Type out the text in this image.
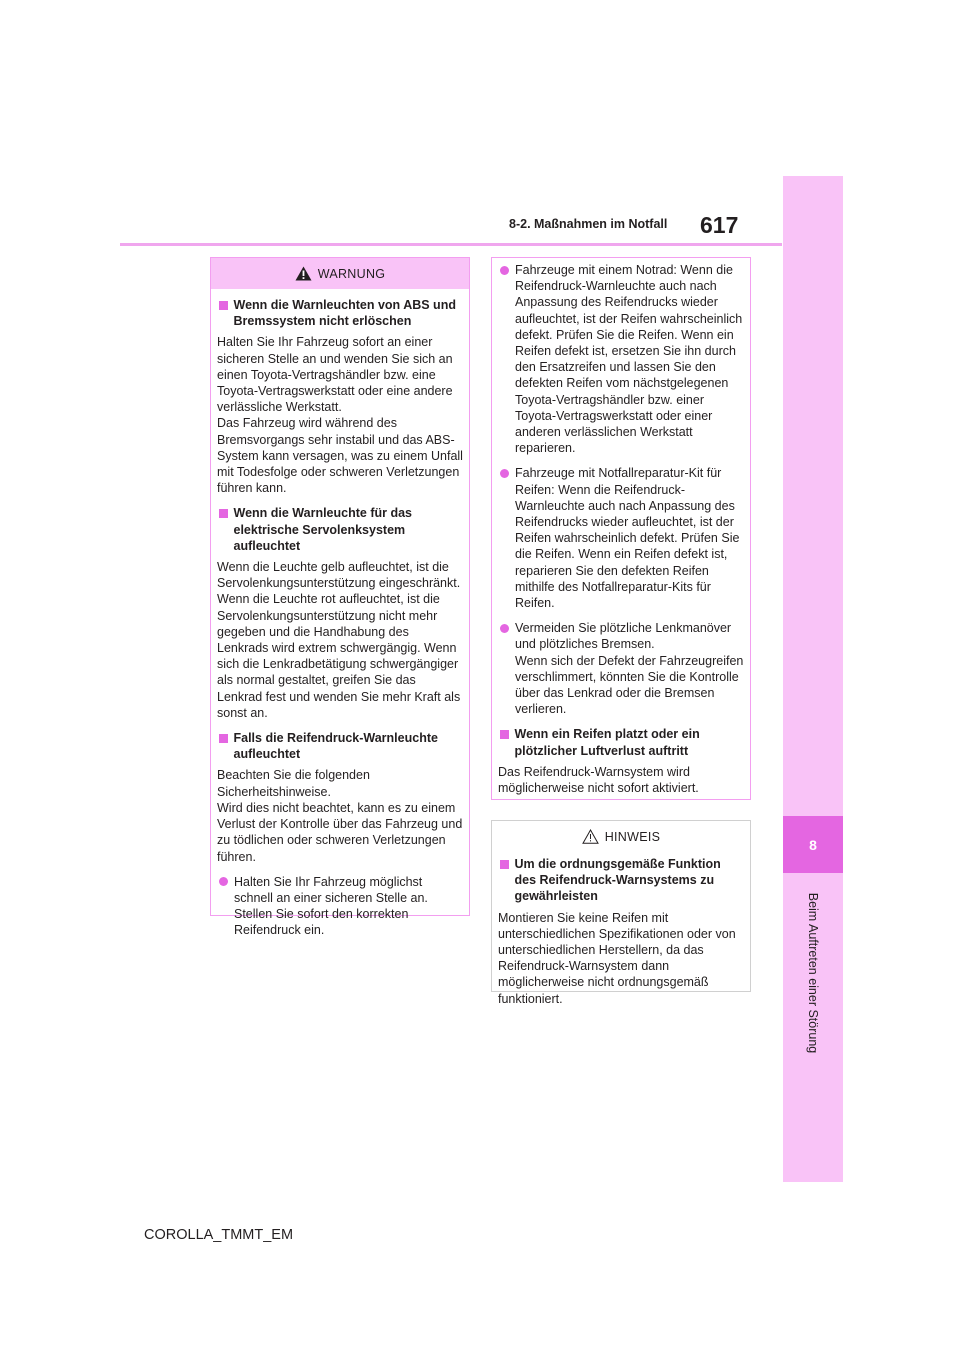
8
Beim Auftreten einer Störung
8-2. Maßnahmen im Notfall 617
WARNUNG
Wenn die Warnleuchten von ABS und Bremssystem nicht erlöschen
Halten Sie Ihr Fahrzeug sofort an einer sicheren Stelle an und wenden Sie sich an einen Toyota-Vertragshändler bzw. eine Toyota-Vertragswerkstatt oder eine andere verlässliche Werkstatt.
Das Fahrzeug wird während des Bremsvorgangs sehr instabil und das ABS-System kann versagen, was zu einem Unfall mit Todesfolge oder schweren Verletzungen führen kann.
Wenn die Warnleuchte für das elektrische Servolenksystem aufleuchtet
Wenn die Leuchte gelb aufleuchtet, ist die Servolenkungsunterstützung eingeschränkt. Wenn die Leuchte rot aufleuchtet, ist die Servolenkungsunterstützung nicht mehr gegeben und die Handhabung des Lenkrads wird extrem schwergängig. Wenn sich die Lenkradbetätigung schwergängiger als normal gestaltet, greifen Sie das Lenkrad fest und wenden Sie mehr Kraft als sonst an.
Falls die Reifendruck-Warnleuchte aufleuchtet
Beachten Sie die folgenden Sicherheitshinweise.
Wird dies nicht beachtet, kann es zu einem Verlust der Kontrolle über das Fahrzeug und zu tödlichen oder schweren Verletzungen führen.
Halten Sie Ihr Fahrzeug möglichst schnell an einer sicheren Stelle an. Stellen Sie sofort den korrekten Reifendruck ein.
Fahrzeuge mit einem Notrad: Wenn die Reifendruck-Warnleuchte auch nach Anpassung des Reifendrucks wieder aufleuchtet, ist der Reifen wahrscheinlich defekt. Prüfen Sie die Reifen. Wenn ein Reifen defekt ist, ersetzen Sie ihn durch den Ersatzreifen und lassen Sie den defekten Reifen vom nächstgelegenen Toyota-Vertragshändler bzw. einer Toyota-Vertragswerkstatt oder einer anderen verlässlichen Werkstatt reparieren.
Fahrzeuge mit Notfallreparatur-Kit für Reifen: Wenn die Reifendruck-Warnleuchte auch nach Anpassung des Reifendrucks wieder aufleuchtet, ist der Reifen wahrscheinlich defekt. Prüfen Sie die Reifen. Wenn ein Reifen defekt ist, reparieren Sie den defekten Reifen mithilfe des Notfallreparatur-Kits für Reifen.
Vermeiden Sie plötzliche Lenkmanöver und plötzliches Bremsen.
Wenn sich der Defekt der Fahrzeugreifen verschlimmert, könnten Sie die Kontrolle über das Lenkrad oder die Bremsen verlieren.
Wenn ein Reifen platzt oder ein plötzlicher Luftverlust auftritt
Das Reifendruck-Warnsystem wird möglicherweise nicht sofort aktiviert.
HINWEIS
Um die ordnungsgemäße Funktion des Reifendruck-Warnsystems zu gewährleisten
Montieren Sie keine Reifen mit unterschiedlichen Spezifikationen oder von unterschiedlichen Herstellern, da das Reifendruck-Warnsystem dann möglicherweise nicht ordnungsgemäß funktioniert.
COROLLA_TMMT_EM
